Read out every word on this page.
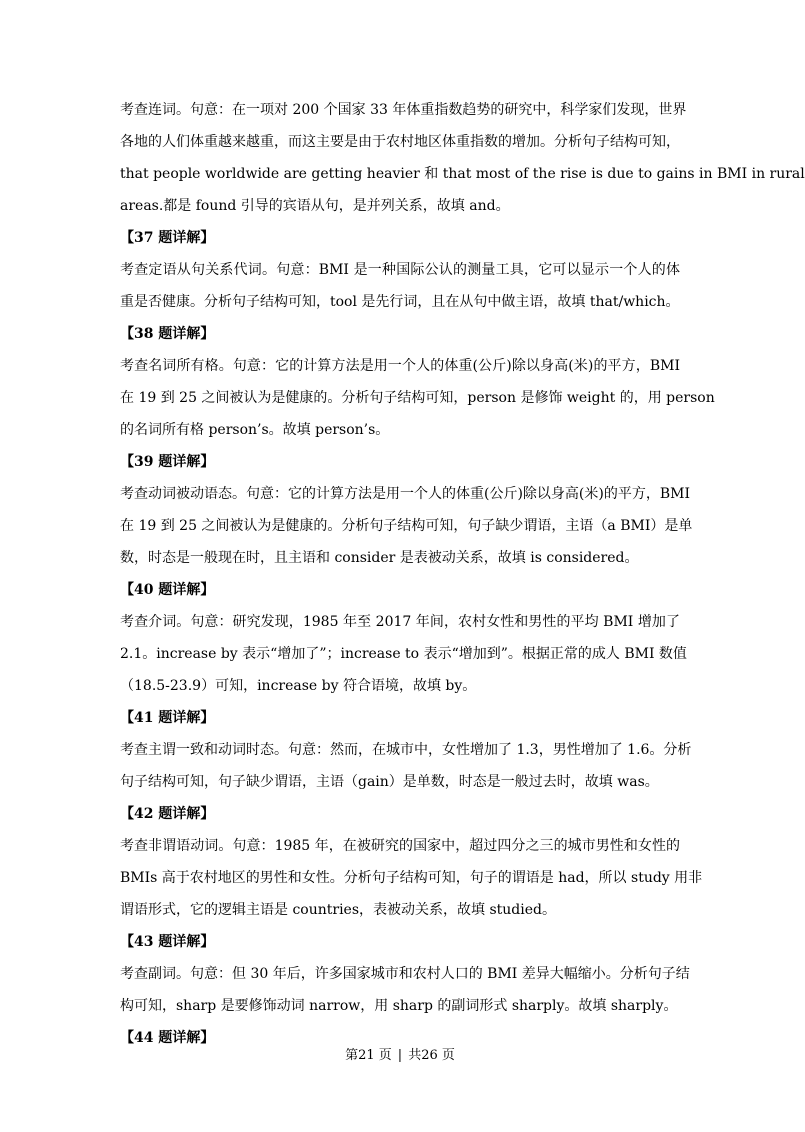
考查连词。句意：在一项对 200 个国家 33 年体重指数趋势的研究中，科学家们发现，世界
各地的人们体重越来越重，而这主要是由于农村地区体重指数的增加。分析句子结构可知，
that people worldwide are getting heavier 和 that most of the rise is due to gains in BMI in rural
areas.都是 found 引导的宾语从句，是并列关系，故填 and。
【37 题详解】
考查定语从句关系代词。句意：BMI 是一种国际公认的测量工具，它可以显示一个人的体
重是否健康。分析句子结构可知，tool 是先行词，且在从句中做主语，故填 that/which。
【38 题详解】
考查名词所有格。句意：它的计算方法是用一个人的体重(公斤)除以身高(米)的平方，BMI
在 19 到 25 之间被认为是健康的。分析句子结构可知，person 是修饰 weight 的，用 person
的名词所有格 person’s。故填 person’s。
【39 题详解】
考查动词被动语态。句意：它的计算方法是用一个人的体重(公斤)除以身高(米)的平方，BMI
在 19 到 25 之间被认为是健康的。分析句子结构可知，句子缺少谓语，主语（a BMI）是单
数，时态是一般现在时，且主语和 consider 是表被动关系，故填 is considered。
【40 题详解】
考查介词。句意：研究发现，1985 年至 2017 年间，农村女性和男性的平均 BMI 增加了
2.1。increase by 表示“增加了”；increase to 表示“增加到”。根据正常的成人 BMI 数值
（18.5-23.9）可知，increase by 符合语境，故填 by。
【41 题详解】
考查主谓一致和动词时态。句意：然而，在城市中，女性增加了 1.3，男性增加了 1.6。分析
句子结构可知，句子缺少谓语，主语（gain）是单数，时态是一般过去时，故填 was。
【42 题详解】
考查非谓语动词。句意：1985 年，在被研究的国家中，超过四分之三的城市男性和女性的
BMIs 高于农村地区的男性和女性。分析句子结构可知，句子的谓语是 had，所以 study 用非
谓语形式，它的逻辑主语是 countries，表被动关系，故填 studied。
【43 题详解】
考查副词。句意：但 30 年后，许多国家城市和农村人口的 BMI 差异大幅缩小。分析句子结
构可知，sharp 是要修饰动词 narrow，用 sharp 的副词形式 sharply。故填 sharply。
【44 题详解】
第21 页 | 共26 页
